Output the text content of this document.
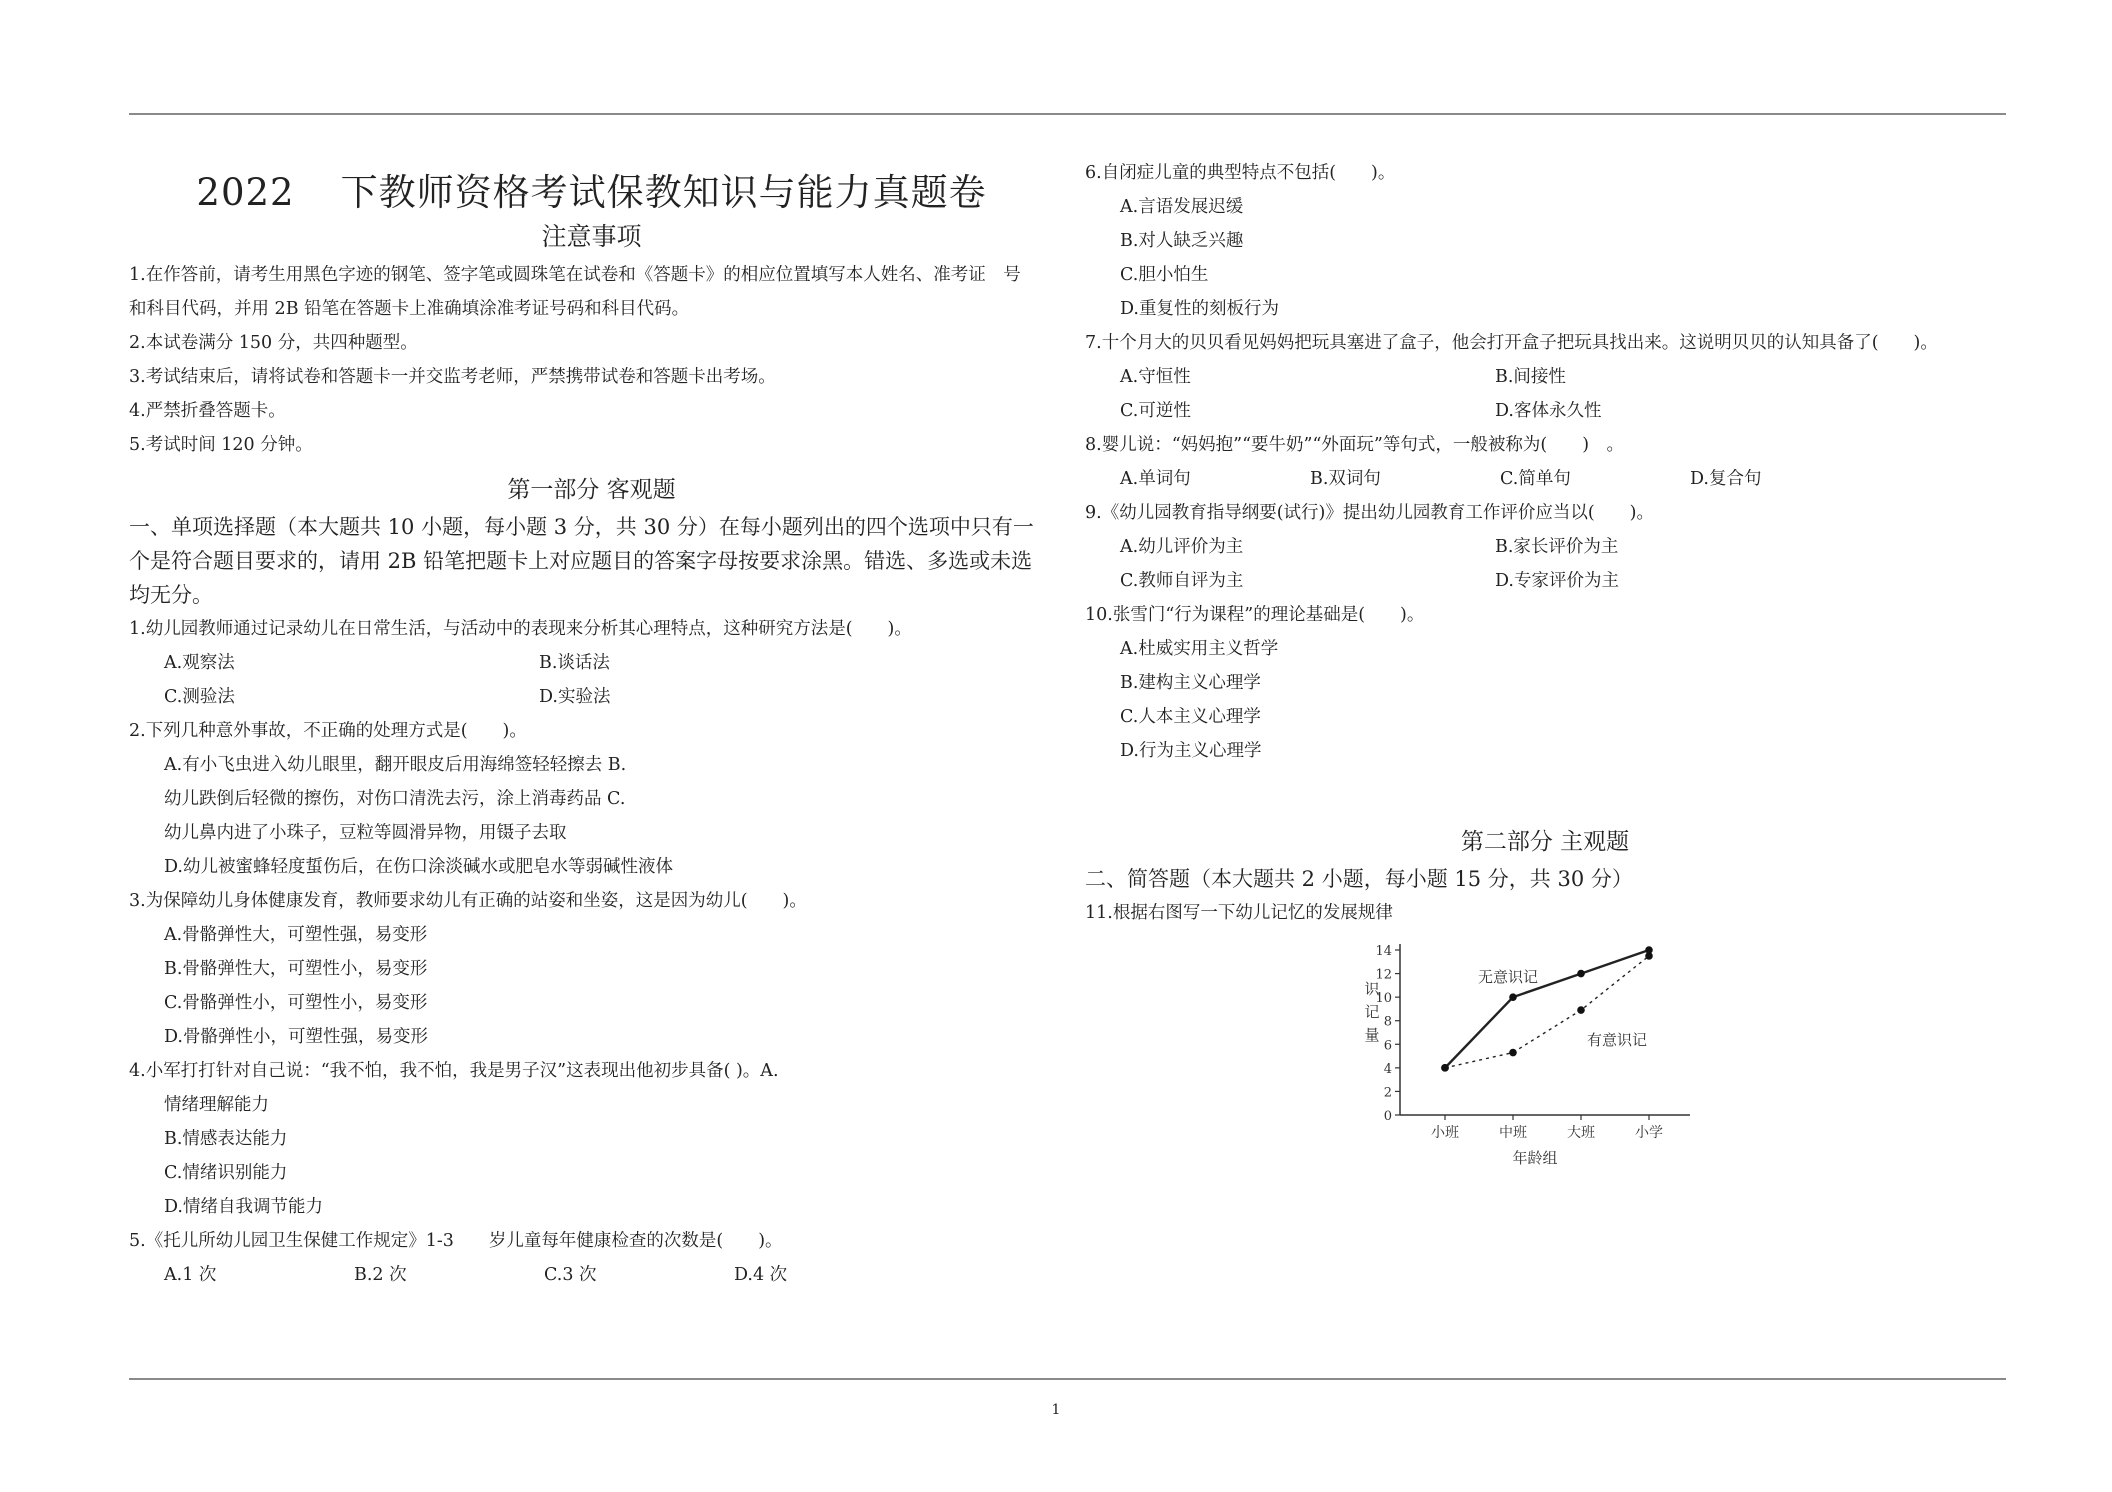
2022 下教师资格考试保教知识与能力真题卷
注意事项
1.在作答前，请考生用黑色字迹的钢笔、签字笔或圆珠笔在试卷和《答题卡》的相应位置填写本人姓名、准考证　号
和科目代码，并用 2B 铅笔在答题卡上准确填涂准考证号码和科目代码。
2.本试卷满分 150 分，共四种题型。
3.考试结束后，请将试卷和答题卡一并交监考老师，严禁携带试卷和答题卡出考场。
4.严禁折叠答题卡。
5.考试时间 120 分钟。
第一部分 客观题
一、单项选择题（本大题共 10 小题，每小题 3 分，共 30 分）在每小题列出的四个选项中只有一
个是符合题目要求的，请用 2B 铅笔把题卡上对应题目的答案字母按要求涂黑。错选、多选或未选
均无分。
1.幼儿园教师通过记录幼儿在日常生活，与活动中的表现来分析其心理特点，这种研究方法是(　　)。
A.观察法	B.谈话法
C.测验法	D.实验法
2.下列几种意外事故，不正确的处理方式是(　　)。
A.有小飞虫进入幼儿眼里，翻开眼皮后用海绵签轻轻擦去 B.
幼儿跌倒后轻微的擦伤，对伤口清洗去污，涂上消毒药品 C.
幼儿鼻内进了小珠子，豆粒等圆滑异物，用镊子去取
D.幼儿被蜜蜂轻度蜇伤后，在伤口涂淡碱水或肥皂水等弱碱性液体
3.为保障幼儿身体健康发育，教师要求幼儿有正确的站姿和坐姿，这是因为幼儿(　　)。
A.骨骼弹性大，可塑性强，易变形
B.骨骼弹性大，可塑性小，易变形
C.骨骼弹性小，可塑性小，易变形
D.骨骼弹性小，可塑性强，易变形
4.小军打打针对自己说：“我不怕，我不怕，我是男子汉”这表现出他初步具备( )。A.
情绪理解能力
B.情感表达能力
C.情绪识别能力
D.情绪自我调节能力
5.《托儿所幼儿园卫生保健工作规定》1-3　　岁儿童每年健康检查的次数是(　　)。
A.1 次	B.2 次	C.3 次	D.4 次
6.自闭症儿童的典型特点不包括(　　)。
A.言语发展迟缓
B.对人缺乏兴趣
C.胆小怕生
D.重复性的刻板行为
7.十个月大的贝贝看见妈妈把玩具塞进了盒子，他会打开盒子把玩具找出来。这说明贝贝的认知具备了(　　)。
A.守恒性	B.间接性
C.可逆性	D.客体永久性
8.婴儿说：“妈妈抱”“要牛奶”“外面玩”等句式，一般被称为(　　)　。
A.单词句	B.双词句	C.简单句	D.复合句
9.《幼儿园教育指导纲要(试行)》提出幼儿园教育工作评价应当以(　　)。
A.幼儿评价为主	B.家长评价为主
C.教师自评为主	D.专家评价为主
10.张雪门“行为课程”的理论基础是(　　)。
A.杜威实用主义哲学
B.建构主义心理学
C.人本主义心理学
D.行为主义心理学
第二部分 主观题
二、简答题（本大题共 2 小题，每小题 15 分，共 30 分）
11.根据右图写一下幼儿记忆的发展规律
0
2
4
6
8
10
12
14
小班	中班	大班	小学
年龄组
识
记
量
无意识记
有意识记
1
